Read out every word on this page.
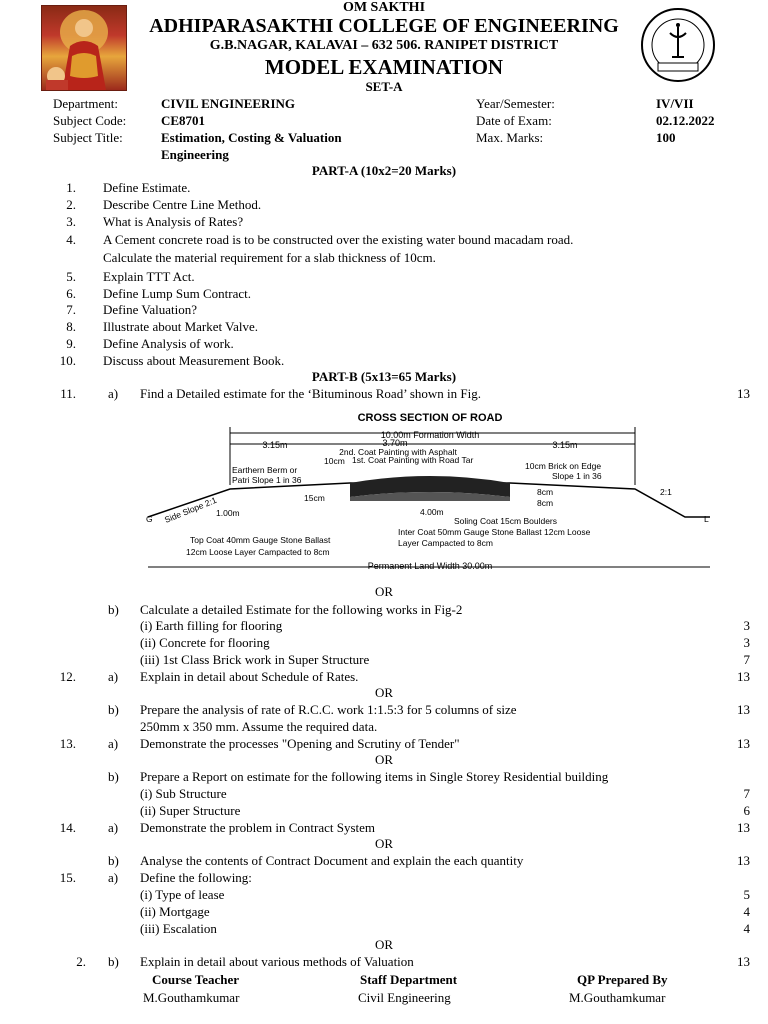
OM SAKTHI
ADHIPARASAKTHI COLLEGE OF ENGINEERING
G.B.NAGAR, KALAVAI – 632 506. RANIPET DISTRICT
MODEL EXAMINATION
SET-A
Department:	CIVIL ENGINEERING	Year/Semester:	IV/VII
Subject Code:	CE8701	Date of Exam:	02.12.2022
Subject Title:	Estimation, Costing & Valuation	Max. Marks:	100
Engineering
PART-A (10x2=20 Marks)
1. Define Estimate.
2. Describe Centre Line Method.
3. What is Analysis of Rates?
4. A Cement concrete road is to be constructed over the existing water bound macadam road.
Calculate the material requirement for a slab thickness of 10cm.
5. Explain TTT Act.
6. Define Lump Sum Contract.
7. Define Valuation?
8. Illustrate about Market Valve.
9. Define Analysis of work.
10. Discuss about Measurement Book.
PART-B (5x13=65 Marks)
11. a) Find a Detailed estimate for the ‘Bituminous Road’ shown in Fig.	13
CROSS SECTION OF ROAD
10.00m Formation Width
3.15m	3.15m
3.70m
2nd. Coat Painting with Asphalt
1st. Coat Painting with Road Tar
10cm
Earthern Berm or
Patri Slope 1 in 36
10cm Brick on Edge
Slope 1 in 36
Side Slope 2:1
2:1
15cm
8cm
8cm
4.00m
1.00m
G	L
Soling Coat 15cm Boulders
Inter Coat 50mm Gauge Stone Ballast 12cm Loose
Layer Campacted to 8cm
Top Coat 40mm Gauge Stone Ballast
12cm Loose Layer Campacted to 8cm
Permanent Land Width 30.00m
OR
b) Calculate a detailed Estimate for the following works in Fig-2
(i) Earth filling for flooring	3
(ii) Concrete for flooring	3
(iii) 1st Class Brick work in Super Structure	7
12. a) Explain in detail about Schedule of Rates.	13
OR
b) Prepare the analysis of rate of R.C.C. work 1:1.5:3 for 5 columns of size	13
250mm x 350 mm. Assume the required data.
13. a) Demonstrate the processes "Opening and Scrutiny of Tender"	13
OR
b) Prepare a Report on estimate for the following items in Single Storey Residential building
(i) Sub Structure	7
(ii) Super Structure	6
14. a) Demonstrate the problem in Contract System	13
OR
b) Analyse the contents of Contract Document and explain the each quantity	13
15. a) Define the following:
(i) Type of lease	5
(ii) Mortgage	4
(iii) Escalation	4
OR
2. b) Explain in detail about various methods of Valuation	13
Course Teacher	Staff Department	QP Prepared By
M.Gouthamkumar	Civil Engineering	M.Gouthamkumar
